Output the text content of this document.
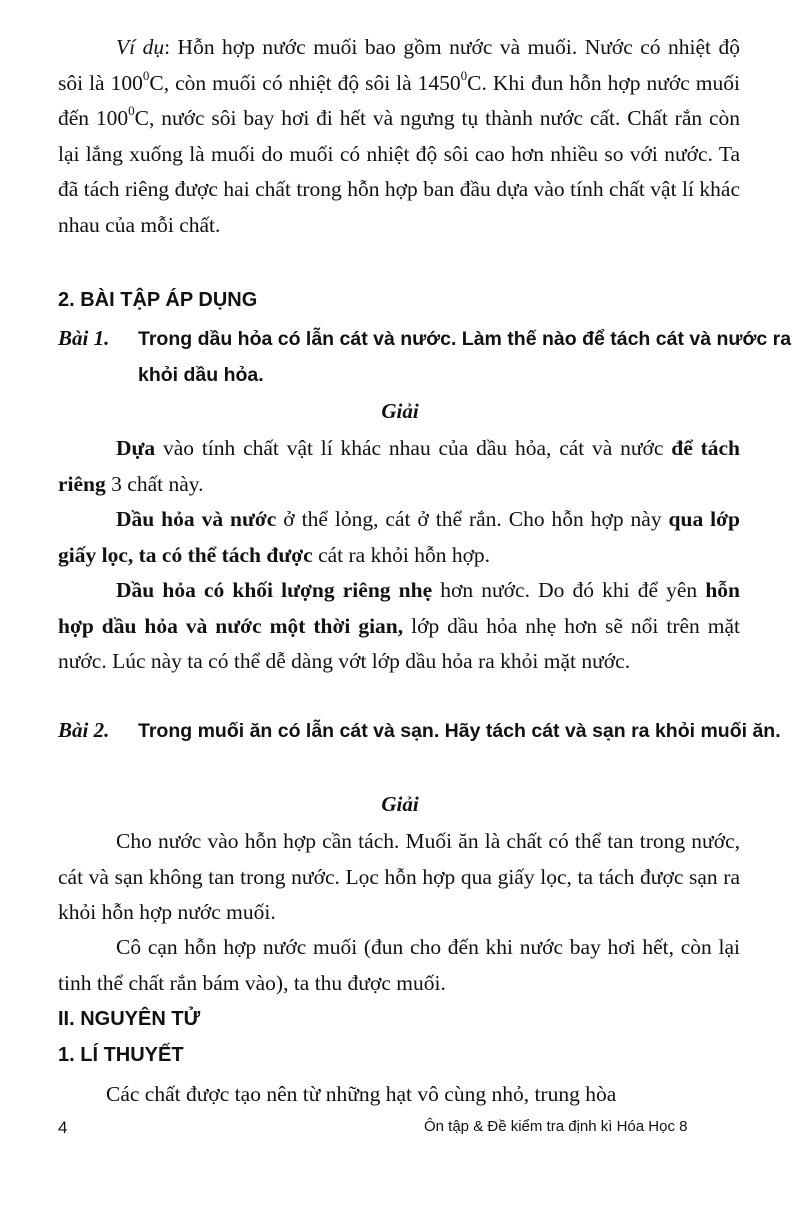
Ví dụ: Hỗn hợp nước muối bao gồm nước và muối. Nước có nhiệt độ sôi là $100^0C$, còn muối có nhiệt độ sôi là 1450$^0$C. Khi đun hỗn hợp nước muối đến $100^0C$, nước sôi bay hơi đi hết và ngưng tụ thành nước cất. Chất rắn còn lại lắng xuống là muối do muối có nhiệt độ sôi cao hơn nhiều so với nước. Ta đã tách riêng được hai chất trong hỗn hợp ban đầu dựa vào tính chất vật lí khác nhau của mỗi chất.

2. BÀI TẬP ÁP DỤNG

Bài 1. Trong dầu hỏa có lẫn cát và nước. Làm thế nào để tách cát và nước ra khỏi dầu hỏa.

Giải

Dựa vào tính chất vật lí khác nhau của dầu hỏa, cát và nước để tách riêng 3 chất này.

Dầu hỏa và nước ở thể lỏng, cát ở thể rắn. Cho hỗn hợp này qua lớp giấy lọc, ta có thể tách được cát ra khỏi hỗn hợp.

Dầu hỏa có khối lượng riêng nhẹ hơn nước. Do đó khi để yên hỗn hợp dầu hỏa và nước một thời gian, lớp dầu hỏa nhẹ hơn sẽ nổi trên mặt nước. Lúc này ta có thể dễ dàng vớt lớp dầu hỏa ra khỏi mặt nước.

Bài 2. Trong muối ăn có lẫn cát và sạn. Hãy tách cát và sạn ra khỏi muối ăn.

Giải

Cho nước vào hỗn hợp cần tách. Muối ăn là chất có thể tan trong nước, cát và sạn không tan trong nước. Lọc hỗn hợp qua giấy lọc, ta tách được sạn ra khỏi hỗn hợp nước muối.

Cô cạn hỗn hợp nước muối (đun cho đến khi nước bay hơi hết, còn lại tinh thể chất rắn bám vào), ta thu được muối.

II. NGUYÊN TỬ
1. LÍ THUYẾT

Các chất được tạo nên từ những hạt vô cùng nhỏ, trung hòa

4	Ôn tập & Đề kiểm tra định kì Hóa Học 8
